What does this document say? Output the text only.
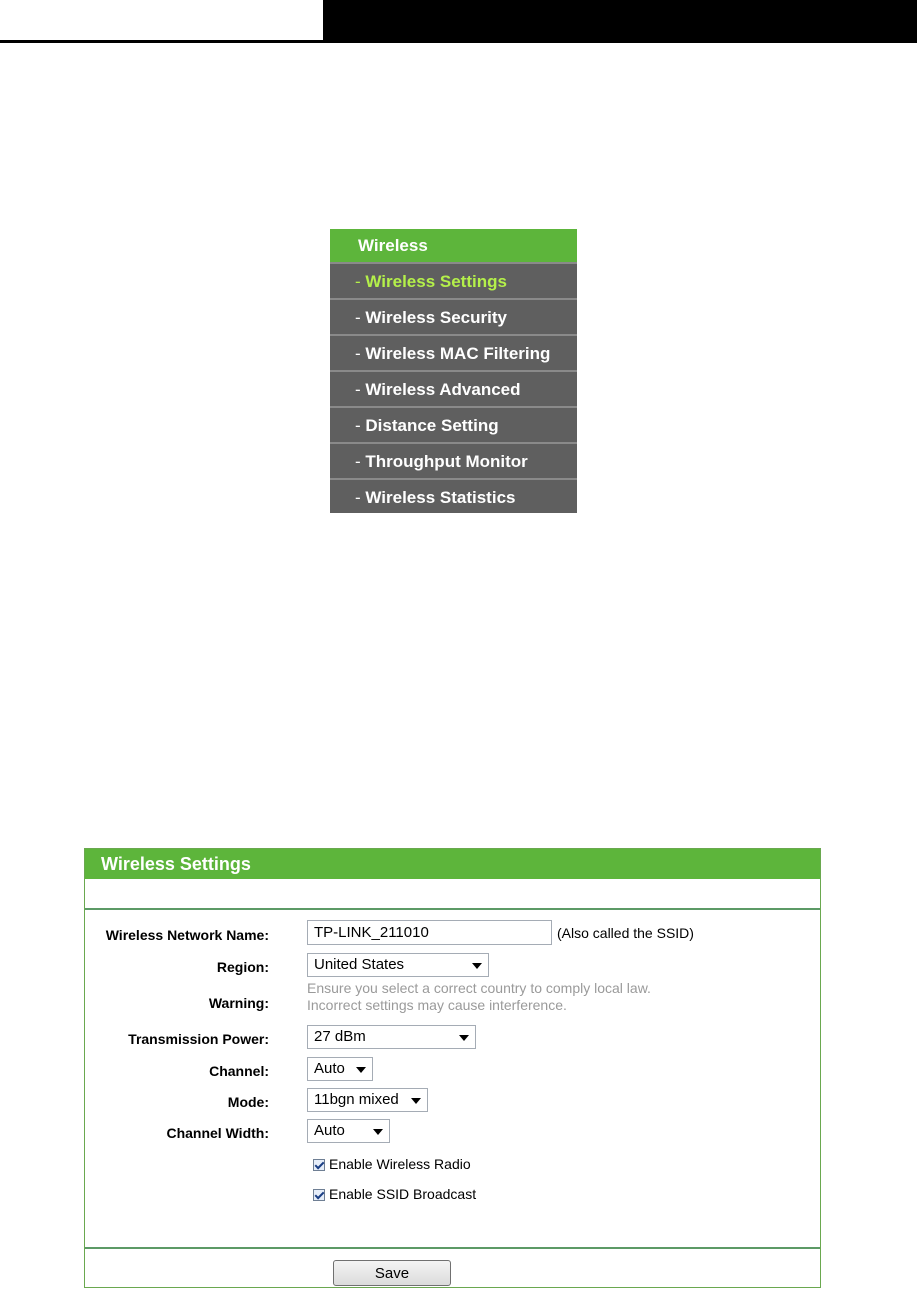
Wireless
- Wireless Settings
- Wireless Security
- Wireless MAC Filtering
- Wireless Advanced
- Distance Setting
- Throughput Monitor
- Wireless Statistics
Wireless Settings
Wireless Network Name:
TP-LINK_211010	(Also called the SSID)
Region:	United States
Warning:
Ensure you select a correct country to comply local law.
Incorrect settings may cause interference.
Transmission Power:	27 dBm
Channel:	Auto
Mode:	11bgn mixed
Channel Width:	Auto
Enable Wireless Radio
Enable SSID Broadcast
Save
